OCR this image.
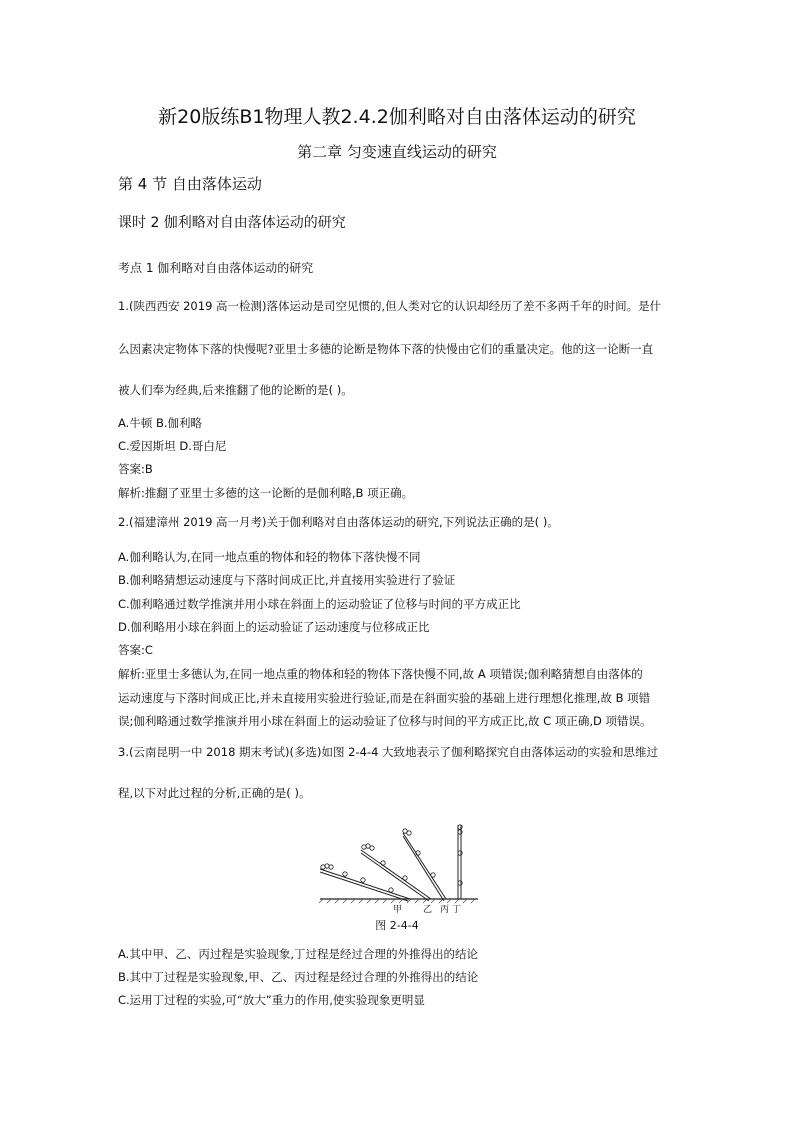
新20版练B1物理人教2.4.2伽利略对自由落体运动的研究
第二章 匀变速直线运动的研究
第 4 节 自由落体运动
课时 2 伽利略对自由落体运动的研究
考点 1 伽利略对自由落体运动的研究
1.(陕西西安 2019 高一检测)落体运动是司空见惯的,但人类对它的认识却经历了差不多两千年的时间。是什
么因素决定物体下落的快慢呢?亚里士多德的论断是物体下落的快慢由它们的重量决定。他的这一论断一直
被人们奉为经典,后来推翻了他的论断的是( )。
A.牛顿 B.伽利略
C.爱因斯坦 D.哥白尼
答案:B
解析:推翻了亚里士多德的这一论断的是伽利略,B 项正确。
2.(福建漳州 2019 高一月考)关于伽利略对自由落体运动的研究,下列说法正确的是( )。
A.伽利略认为,在同一地点重的物体和轻的物体下落快慢不同
B.伽利略猜想运动速度与下落时间成正比,并直接用实验进行了验证
C.伽利略通过数学推演并用小球在斜面上的运动验证了位移与时间的平方成正比
D.伽利略用小球在斜面上的运动验证了运动速度与位移成正比
答案:C
解析:亚里士多德认为,在同一地点重的物体和轻的物体下落快慢不同,故 A 项错误;伽利略猜想自由落体的
运动速度与下落时间成正比,并未直接用实验进行验证,而是在斜面实验的基础上进行理想化推理,故 B 项错
误;伽利略通过数学推演并用小球在斜面上的运动验证了位移与时间的平方成正比,故 C 项正确,D 项错误。
3.(云南昆明一中 2018 期末考试)(多选)如图 2-4-4 大致地表示了伽利略探究自由落体运动的实验和思维过
程,以下对此过程的分析,正确的是( )。
甲 乙 丙 丁
图 2-4-4
A.其中甲、乙、丙过程是实验现象,丁过程是经过合理的外推得出的结论
B.其中丁过程是实验现象,甲、乙、丙过程是经过合理的外推得出的结论
C.运用丁过程的实验,可“放大”重力的作用,使实验现象更明显
